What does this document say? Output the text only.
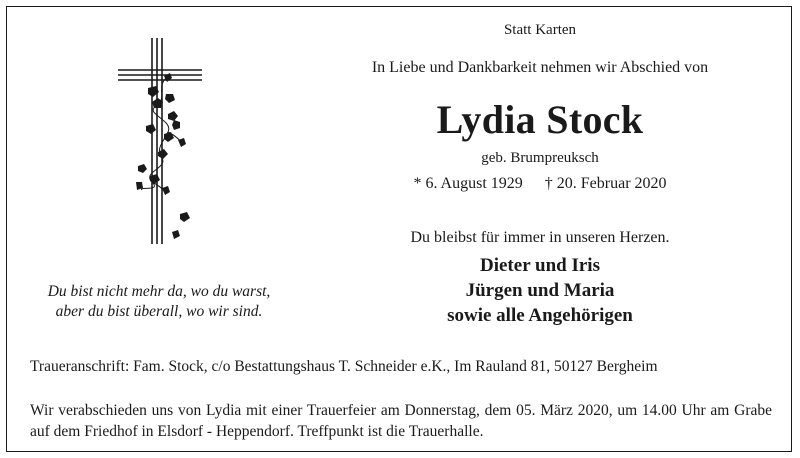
Statt Karten
In Liebe und Dankbarkeit nehmen wir Abschied von
Lydia Stock
geb. Brumpreuksch
* 6. August 1929 † 20. Februar 2020
Du bleibst für immer in unseren Herzen.
Dieter und Iris
Jürgen und Maria
sowie alle Angehörigen
Du bist nicht mehr da, wo du warst,
aber du bist überall, wo wir sind.
Traueranschrift: Fam. Stock, c/o Bestattungshaus T. Schneider e.K., Im Rauland 81, 50127 Bergheim
Wir verabschieden uns von Lydia mit einer Trauerfeier am Donnerstag, dem 05. März 2020, um 14.00 Uhr am Grabe auf dem Friedhof in Elsdorf - Heppendorf. Treffpunkt ist die Trauerhalle.
